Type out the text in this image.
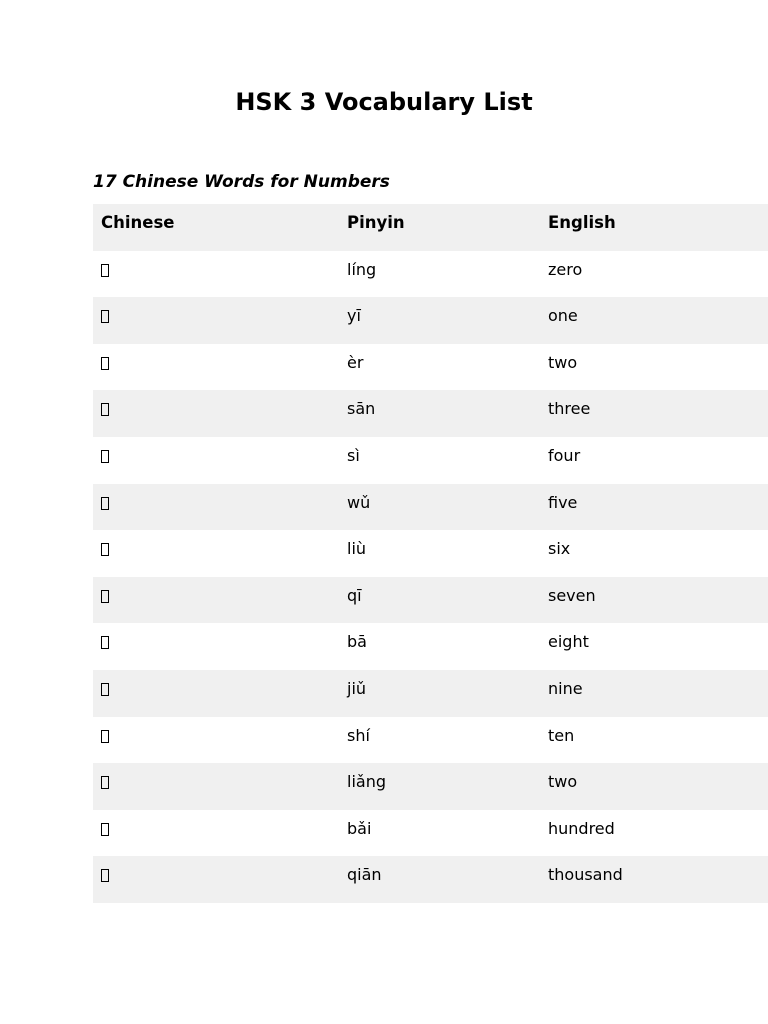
HSK 3 Vocabulary List
17 Chinese Words for Numbers
Chinese	Pinyin	English

	líng	zero

	yī	one

	èr	two

	sān	three

	sì	four

	wǔ	five

	liù	six

	qī	seven

	bā	eight

	jiǔ	nine

	shí	ten

	liǎng	two

	bǎi	hundred

	qiān	thousand
